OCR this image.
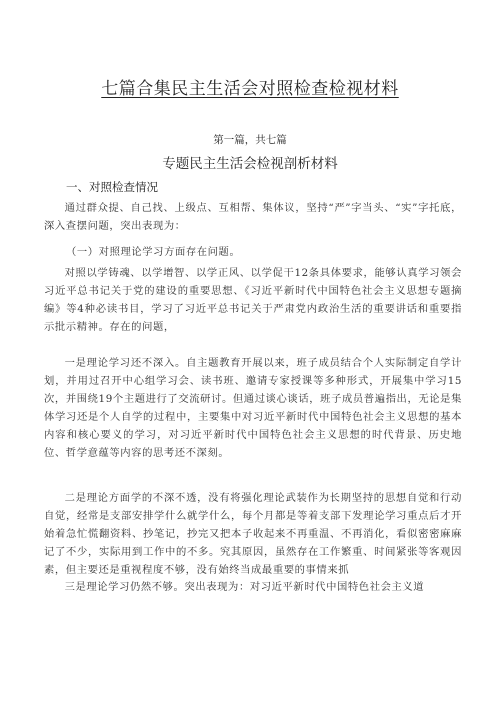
七篇合集民主生活会对照检查检视材料
第一篇，共七篇
专题民主生活会检视剖析材料
一、对照检查情况

通过群众提、自己找、上级点、互相帮、集体议，坚持“严”字当头、“实”字托底，深入查摆问题，突出表现为：

（一）对照理论学习方面存在问题。

对照以学铸魂、以学增智、以学正风、以学促干12条具体要求，能够认真学习领会习近平总书记关于党的建设的重要思想、《习近平新时代中国特色社会主义思想专题摘编》等4种必读书目，学习了习近平总书记关于严肃党内政治生活的重要讲话和重要指示批示精神。存在的问题，

一是理论学习还不深入。自主题教育开展以来，班子成员结合个人实际制定自学计划，并用过召开中心组学习会、读书班、邀请专家授课等多种形式，开展集中学习15次，并围绕19个主题进行了交流研讨。但通过谈心谈话，班子成员普遍指出，无论是集体学习还是个人自学的过程中，主要集中对习近平新时代中国特色社会主义思想的基本内容和核心要义的学习，对习近平新时代中国特色社会主义思想的时代背景、历史地位、哲学意蕴等内容的思考还不深刻。

二是理论方面学的不深不透，没有将强化理论武装作为长期坚持的思想自觉和行动自觉，经常是支部安排学什么就学什么，每个月都是等着支部下发理论学习重点后才开始着急忙慌翻资料、抄笔记，抄完又把本子收起来不再重温、不再消化，看似密密麻麻记了不少，实际用到工作中的不多。究其原因，虽然存在工作繁重、时间紧张等客观因素，但主要还是重视程度不够，没有始终当成最重要的事情来抓

三是理论学习仍然不够。突出表现为：对习近平新时代中国特色社会主义道
